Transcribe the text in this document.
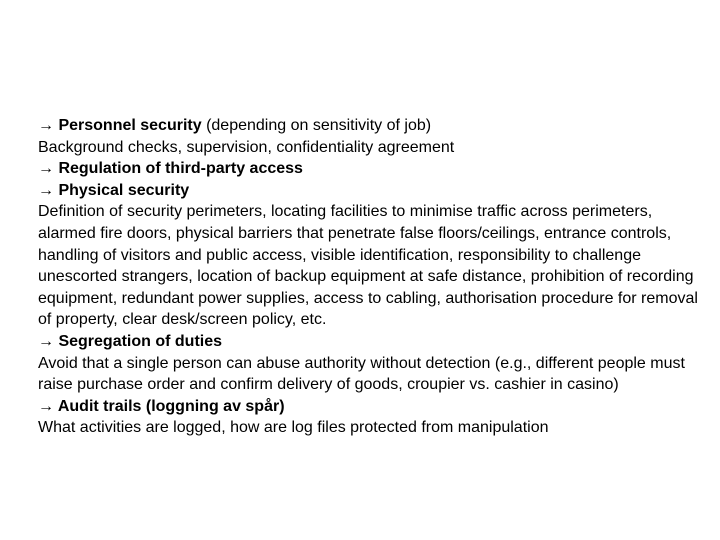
→ Personnel security (depending on sensitivity of job)

Background checks, supervision, confidentiality agreement

→ Regulation of third-party access

→ Physical security

Definition of security perimeters, locating facilities to minimise traffic across perimeters, alarmed fire doors, physical barriers that penetrate false floors/ceilings, entrance controls, handling of visitors and public access, visible identification, responsibility to challenge unescorted strangers, location of backup equipment at safe distance, prohibition of recording equipment, redundant power supplies, access to cabling, authorisation procedure for removal of property, clear desk/screen policy, etc.

→ Segregation of duties

Avoid that a single person can abuse authority without detection (e.g., different people must raise purchase order and confirm delivery of goods, croupier vs. cashier in casino)

→ Audit trails (loggning av spår)

What activities are logged, how are log files protected from manipulation
